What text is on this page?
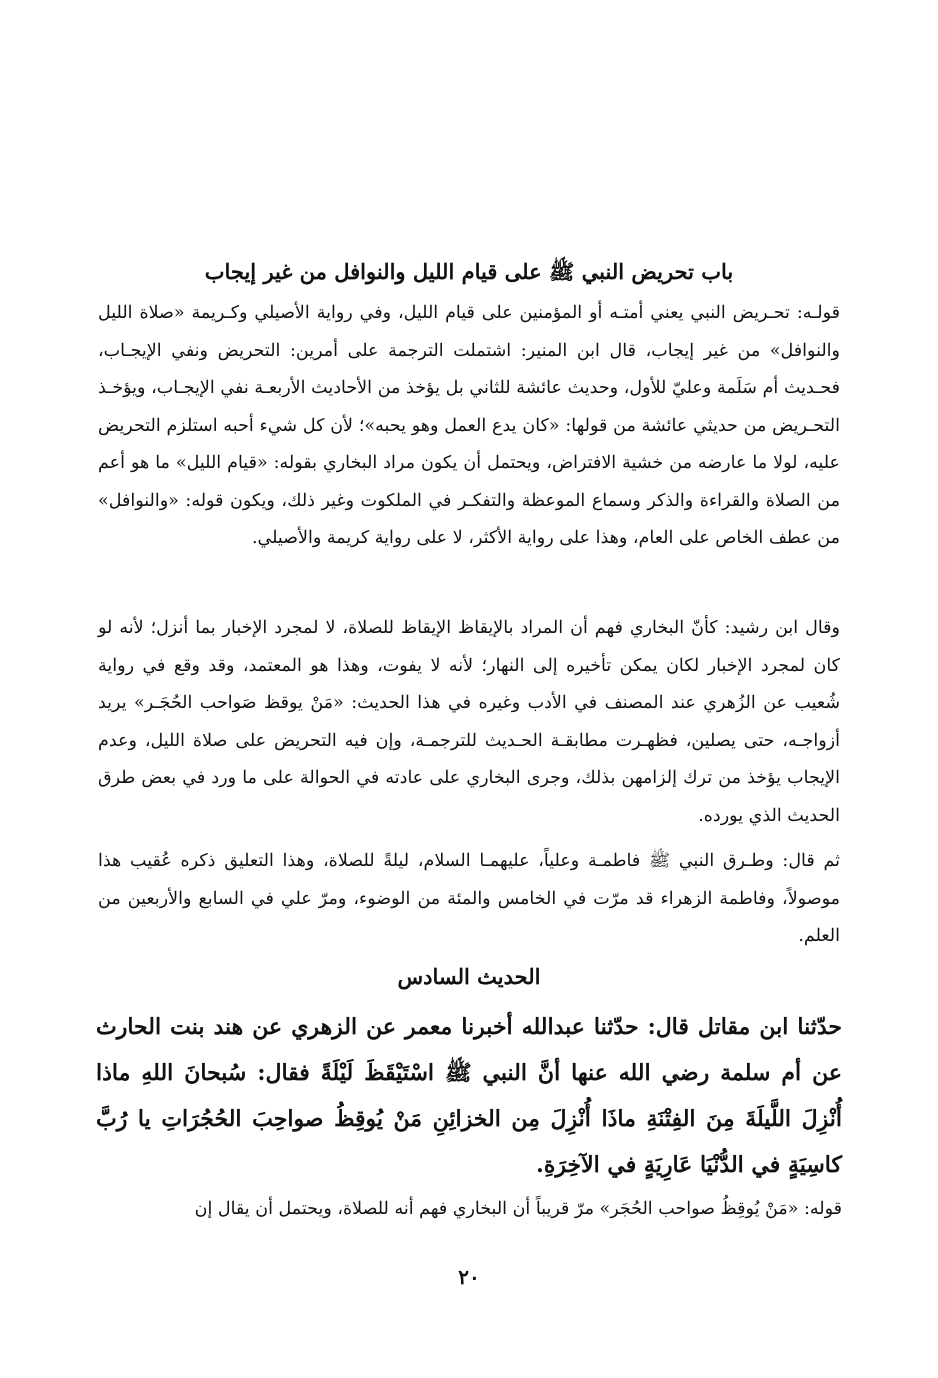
باب تحريض النبي ﷺ على قيام الليل والنوافل من غير إيجاب

قولـه: تحـريض النبي يعني أمتـه أو المؤمنين على قيام الليل، وفي رواية الأصيلي وكـريمة «صلاة الليل والنوافل» من غير إيجاب، قال ابن المنير: اشتملت الترجمة على أمرين: التحريض ونفي الإيجـاب، فحـديث أم سَلَمة وعليّ للأول، وحديث عائشة للثاني بل يؤخذ من الأحاديث الأربعـة نفي الإيجـاب، ويؤخـذ التحـريض من حديثي عائشة من قولها: «كان يدع العمل وهو يحبه»؛ لأن كل شيء أحبه استلزم التحريض عليه، لولا ما عارضه من خشية الافتراض، ويحتمل أن يكون مراد البخاري بقوله: «قيام الليل» ما هو أعم من الصلاة والقراءة والذكر وسماع الموعظة والتفكـر في الملكوت وغير ذلك، ويكون قوله: «والنوافل» من عطف الخاص على العام، وهذا على رواية الأكثر، لا على رواية كريمة والأصيلي.

وقال ابن رشيد: كأنّ البخاري فهم أن المراد بالإيقاظ الإيقاظ للصلاة، لا لمجرد الإخبار بما أنزل؛ لأنه لو كان لمجرد الإخبار لكان يمكن تأخيره إلى النهار؛ لأنه لا يفوت، وهذا هو المعتمد، وقد وقع في رواية شُعيب عن الزُهري عند المصنف في الأدب وغيره في هذا الحديث: «مَنْ يوقظ صَواحب الحُجَـر» يريد أزواجـه، حتى يصلين، فظهـرت مطابقـة الحـديث للترجمـة، وإن فيه التحريض على صلاة الليل، وعدم الإيجاب يؤخذ من ترك إلزامهن بذلك، وجرى البخاري على عادته في الحوالة على ما ورد في بعض طرق الحديث الذي يورده.

ثم قال: وطـرق النبي ﷺ فاطمـة وعلياً، عليهمـا السلام، ليلةً للصلاة، وهذا التعليق ذكره عُقيب هذا موصولاً، وفاطمة الزهراء قد مرّت في الخامس والمئة من الوضوء، ومرّ علي في السابع والأربعين من العلم.

الحديث السادس

حدّثنا ابن مقاتل قال: حدّثنا عبدالله أخبرنا معمر عن الزهري عن هند بنت الحارث عن أم سلمة رضي الله عنها أنَّ النبي ﷺ اسْتَيْقَظَ لَيْلَةً فقال: سُبحانَ اللهِ ماذا أُنْزِلَ اللَّيلَةَ مِنَ الفِتْنَةِ ماذَا أُنْزِلَ مِن الخزائِنِ مَنْ يُوقِظُ صواحِبَ الحُجُرَاتِ يا رُبَّ كاسِيَةٍ في الدُّنْيَا عَارِيَةٍ في الآخِرَةِ.

قوله: «مَنْ يُوقِظُ صواحب الحُجَر» مرّ قريباً أن البخاري فهم أنه للصلاة، ويحتمل أن يقال إن

٢٠
